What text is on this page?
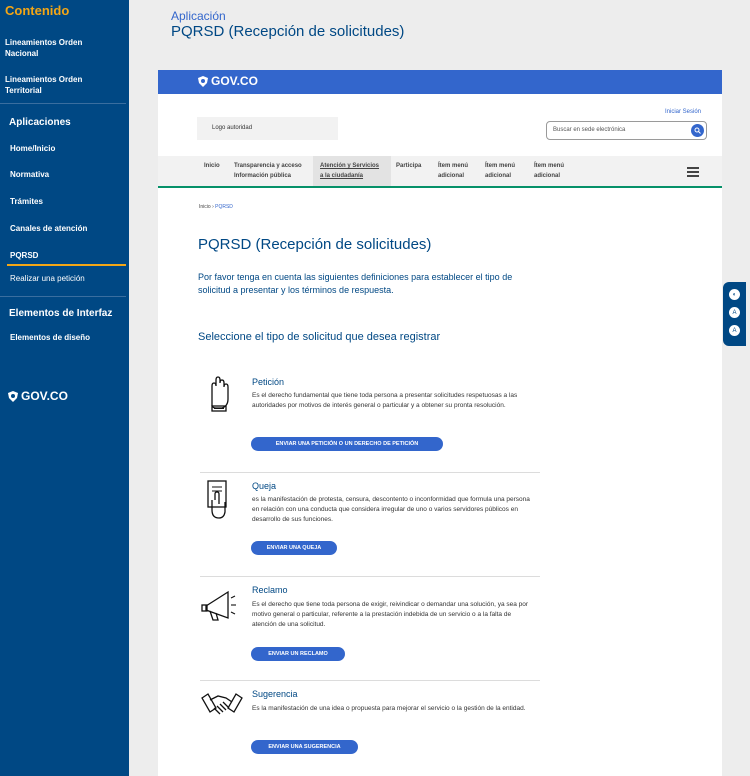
Contenido
Lineamientos Orden Nacional
Lineamientos Orden Territorial
Aplicaciones
Home/Inicio
Normativa
Trámites
Canales de atención
PQRSD
Realizar una petición
Elementos de Interfaz
Elementos de diseño
GOV.CO
Aplicación
PQRSD (Recepción de solicitudes)
GOV.CO
Logo autoridad
Iniciar Sesión
Buscar en sede electrónica
Inicio Transparencia y acceso
Información pública
Atención y Servicios
a la ciudadanía
Participa	Ítem menú
adicional
Ítem menú
adicional
Ítem menú
adicional
Inicio › PQRSD
PQRSD (Recepción de solicitudes)
Por favor tenga en cuenta las siguientes definiciones para establecer el tipo de solicitud a presentar y los términos de respuesta.
Seleccione el tipo de solicitud que desea registrar
Petición
Es el derecho fundamental que tiene toda persona a presentar solicitudes respetuosas a las autoridades por motivos de interés general o particular y a obtener su pronta resolución.
ENVIAR UNA PETICIÓN O UN DERECHO DE PETICIÓN
Queja
es la manifestación de protesta, censura, descontento o inconformidad que formula una persona en relación con una conducta que considera irregular de uno o varios servidores públicos en desarrollo de sus funciones.
ENVIAR UNA QUEJA
Reclamo
Es el derecho que tiene toda persona de exigir, reivindicar o demandar una solución, ya sea por motivo general o particular, referente a la prestación indebida de un servicio o a la falta de atención de una solicitud.
ENVIAR UN RECLAMO
Sugerencia
Es la manifestación de una idea o propuesta para mejorar el servicio o la gestión de la entidad.
ENVIAR UNA SUGERENCIA
◐
A
A
